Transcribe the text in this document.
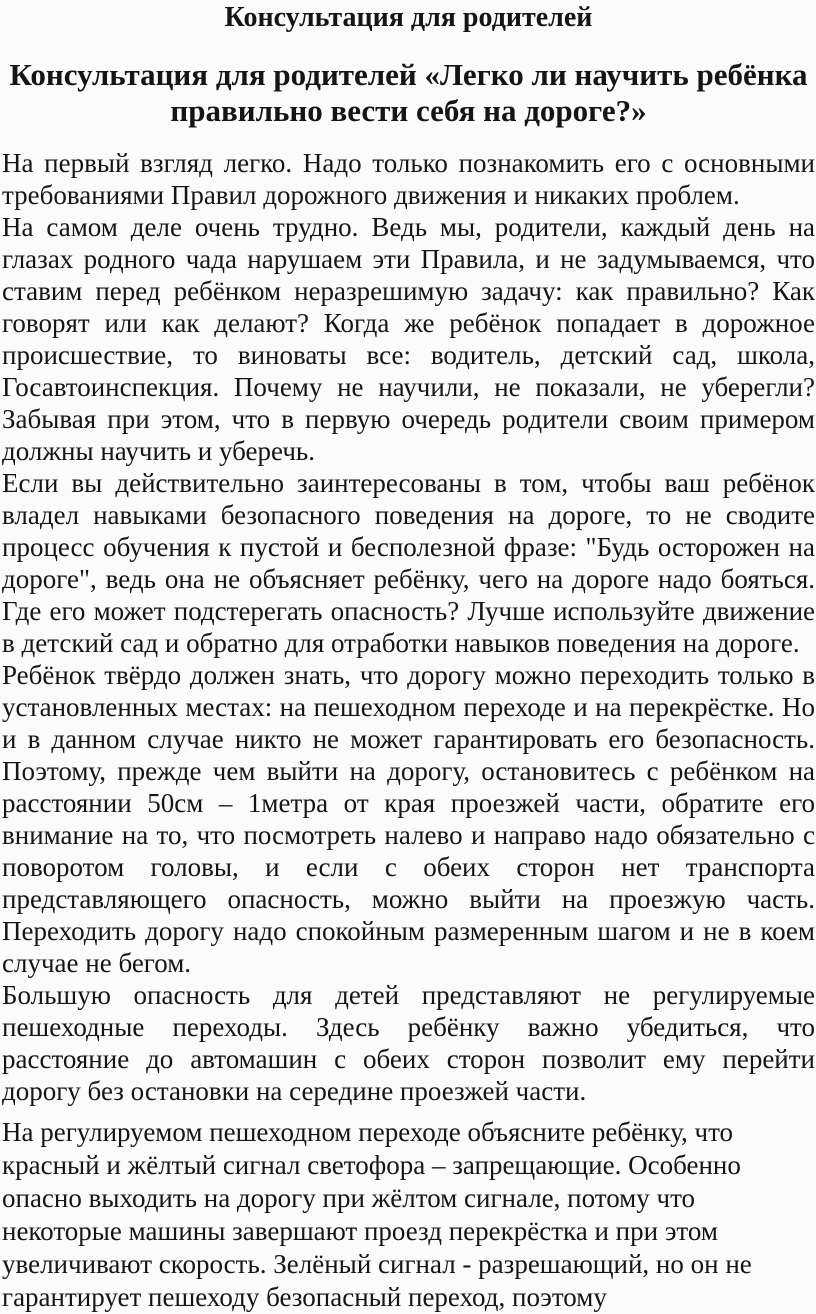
Консультация для родителей
Консультация для родителей «Легко ли научить ребёнка правильно вести себя на дороге?»

На первый взгляд легко. Надо только познакомить его с основными требованиями Правил дорожного движения и никаких проблем.

На самом деле очень трудно. Ведь мы, родители, каждый день на глазах родного чада нарушаем эти Правила, и не задумываемся, что ставим перед ребёнком неразрешимую задачу: как правильно? Как говорят или как делают? Когда же ребёнок попадает в дорожное происшествие, то виноваты все: водитель, детский сад, школа, Госавтоинспекция. Почему не научили, не показали, не уберегли? Забывая при этом, что в первую очередь родители своим примером должны научить и уберечь.

Если вы действительно заинтересованы в том, чтобы ваш ребёнок владел навыками безопасного поведения на дороге, то не сводите процесс обучения к пустой и бесполезной фразе: "Будь осторожен на дороге", ведь она не объясняет ребёнку, чего на дороге надо бояться. Где его может подстерегать опасность? Лучше используйте движение в детский сад и обратно для отработки навыков поведения на дороге.

Ребёнок твёрдо должен знать, что дорогу можно переходить только в установленных местах: на пешеходном переходе и на перекрёстке. Но и в данном случае никто не может гарантировать его безопасность. Поэтому, прежде чем выйти на дорогу, остановитесь с ребёнком на расстоянии 50см – 1метра от края проезжей части, обратите его внимание на то, что посмотреть налево и направо надо обязательно с поворотом головы, и если с обеих сторон нет транспорта представляющего опасность, можно выйти на проезжую часть. Переходить дорогу надо спокойным размеренным шагом и не в коем случае не бегом.

Большую опасность для детей представляют не регулируемые пешеходные переходы. Здесь ребёнку важно убедиться, что расстояние до автомашин с обеих сторон позволит ему перейти дорогу без остановки на середине проезжей части.

На регулируемом пешеходном переходе объясните ребёнку, что красный и жёлтый сигнал светофора – запрещающие. Особенно опасно выходить на дорогу при жёлтом сигнале, потому что некоторые машины завершают проезд перекрёстка и при этом увеличивают скорость. Зелёный сигнал - разрешающий, но он не гарантирует пешеходу безопасный переход, поэтому
